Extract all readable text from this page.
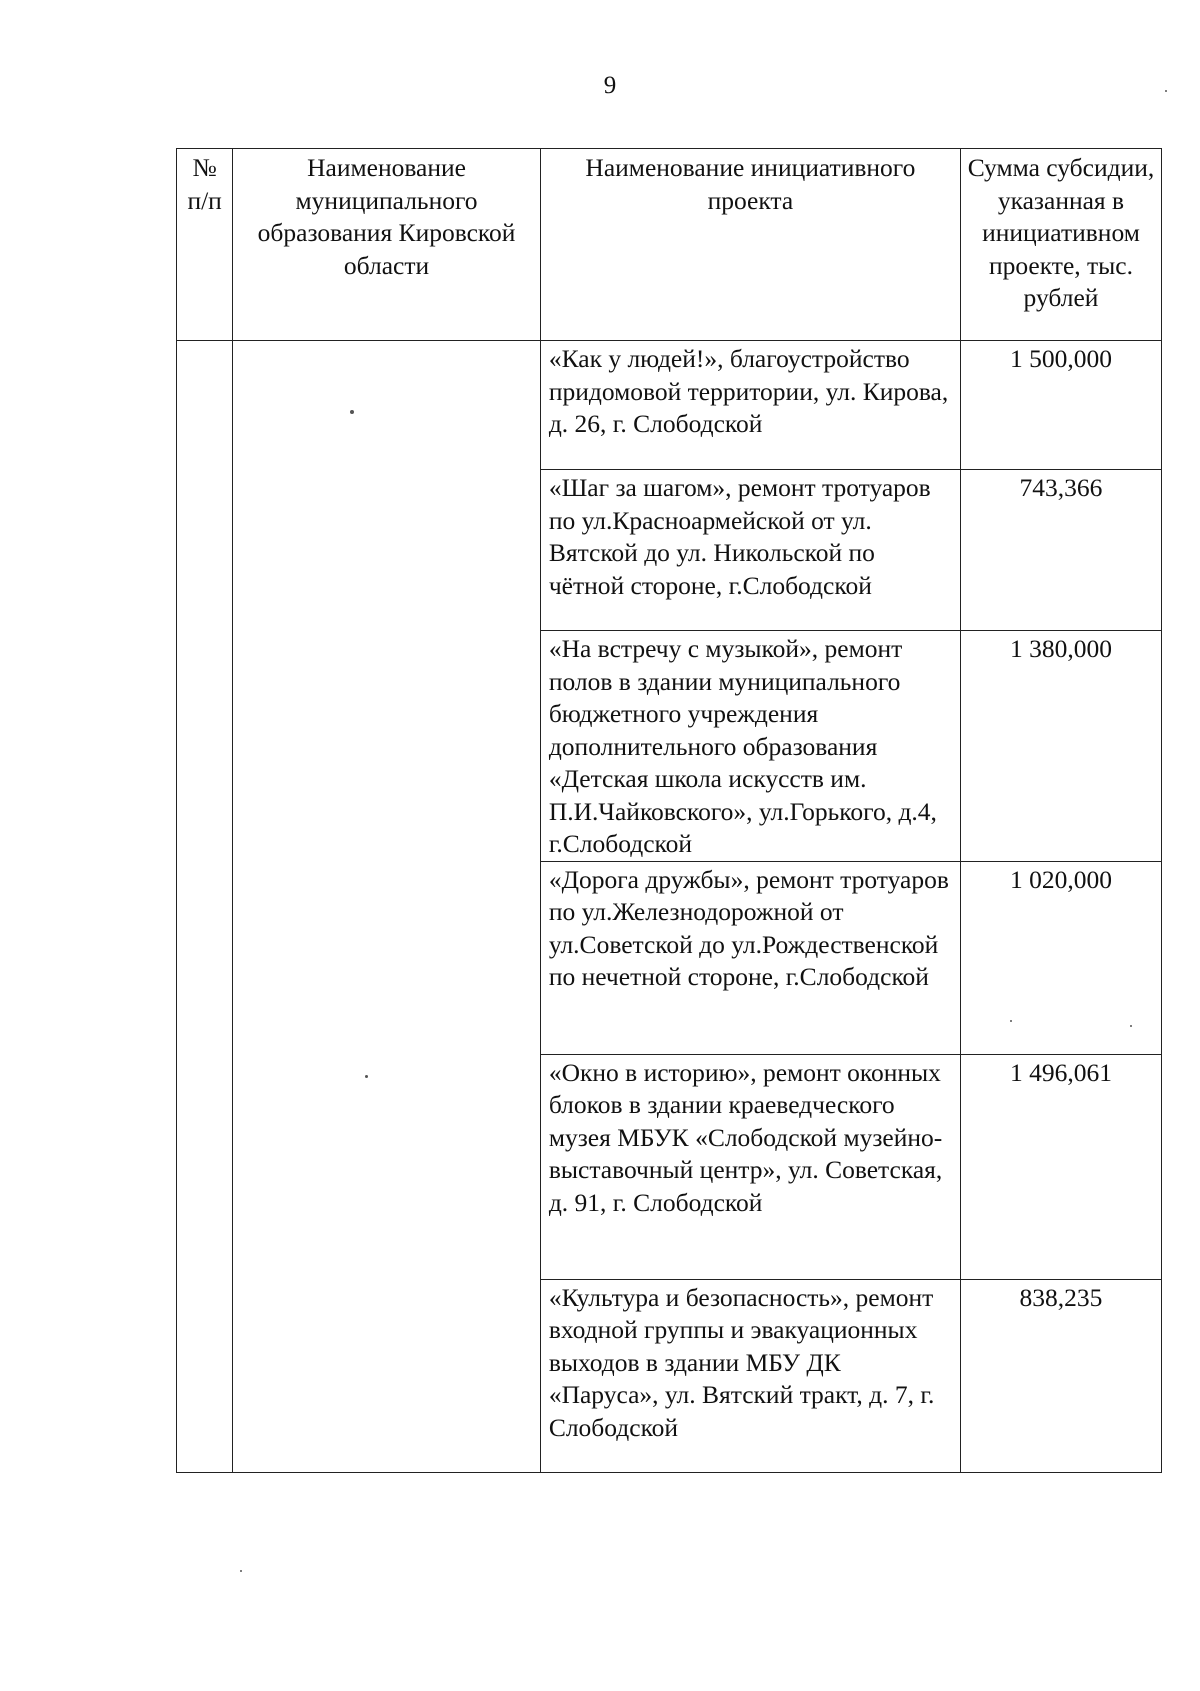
9
№ п/п	Наименование муниципального образования Кировской области	Наименование инициативного проекта	Сумма субсидии, указанная в инициативном проекте, тыс. рублей
		«Как у людей!», благоустройство придомовой территории, ул. Кирова, д. 26, г. Слободской	1 500,000
		«Шаг за шагом», ремонт тротуаров по ул.Красноармейской от ул. Вятской до ул. Никольской по чётной стороне, г.Слободской	743,366
		«На встречу с музыкой», ремонт полов в здании муниципального бюджетного учреждения дополнительного образования «Детская школа искусств им. П.И.Чайковского», ул.Горького, д.4, г.Слободской	1 380,000
		«Дорога дружбы», ремонт тротуаров по ул.Железнодорожной от ул.Советской до ул.Рождественской по нечетной стороне, г.Слободской	1 020,000
		«Окно в историю», ремонт оконных блоков в здании краеведческого музея МБУК «Слободской музейно-выставочный центр», ул. Советская, д. 91, г. Слободской	1 496,061
		«Культура и безопасность», ремонт входной группы и эвакуационных выходов в здании МБУ ДК «Паруса», ул. Вятский тракт, д. 7, г. Слободской	838,235
